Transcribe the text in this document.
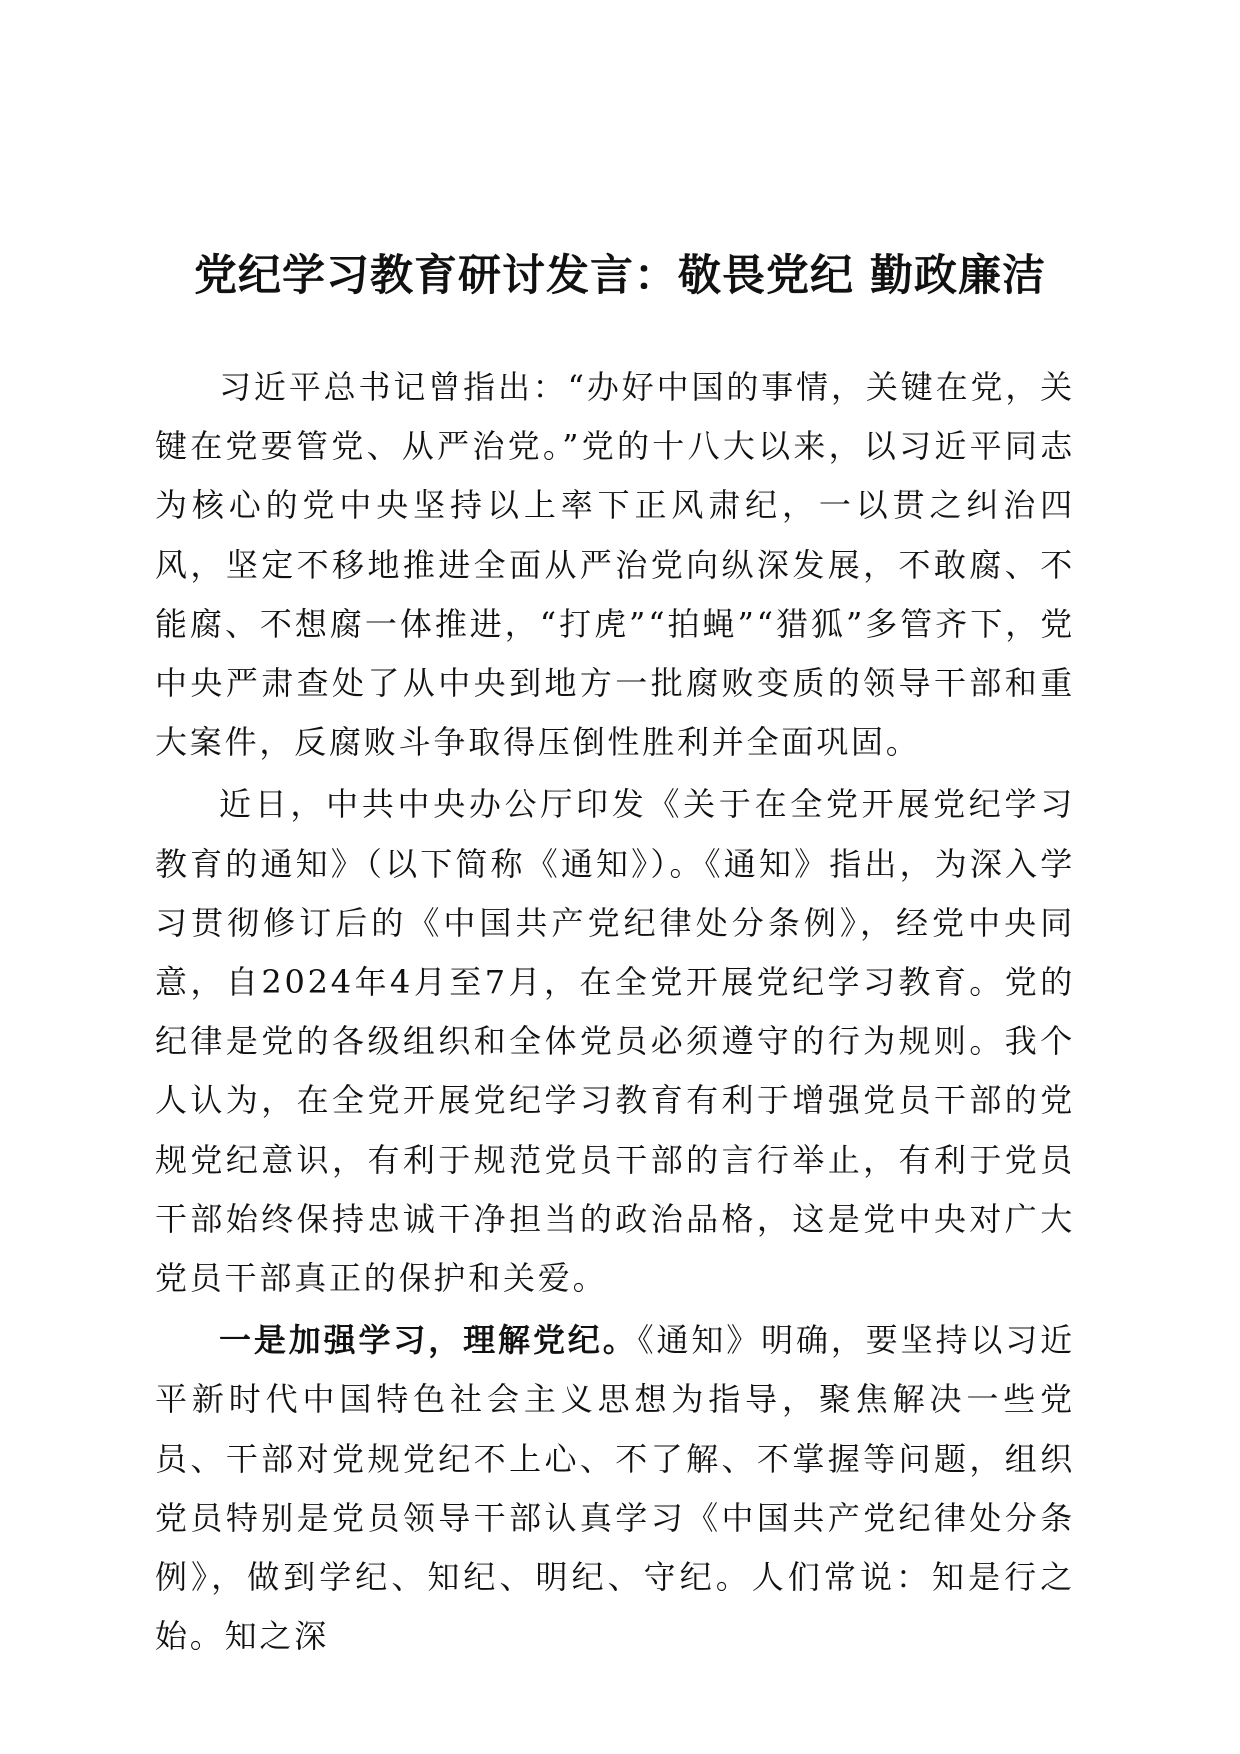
党纪学习教育研讨发言：敬畏党纪 勤政廉洁

习近平总书记曾指出：“办好中国的事情，关键在党，关键在党要管党、从严治党。”党的十八大以来，以习近平同志为核心的党中央坚持以上率下正风肃纪，一以贯之纠治四风，坚定不移地推进全面从严治党向纵深发展，不敢腐、不能腐、不想腐一体推进，“打虎”“拍蝇”“猎狐”多管齐下，党中央严肃查处了从中央到地方一批腐败变质的领导干部和重大案件，反腐败斗争取得压倒性胜利并全面巩固。

近日，中共中央办公厅印发《关于在全党开展党纪学习教育的通知》（以下简称《通知》）。《通知》指出，为深入学习贯彻修订后的《中国共产党纪律处分条例》，经党中央同意，自2024年4月至7月，在全党开展党纪学习教育。党的纪律是党的各级组织和全体党员必须遵守的行为规则。我个人认为，在全党开展党纪学习教育有利于增强党员干部的党规党纪意识，有利于规范党员干部的言行举止，有利于党员干部始终保持忠诚干净担当的政治品格，这是党中央对广大党员干部真正的保护和关爱。

一是加强学习，理解党纪。《通知》明确，要坚持以习近平新时代中国特色社会主义思想为指导，聚焦解决一些党员、干部对党规党纪不上心、不了解、不掌握等问题，组织党员特别是党员领导干部认真学习《中国共产党纪律处分条例》，做到学纪、知纪、明纪、守纪。人们常说：知是行之始。知之深
